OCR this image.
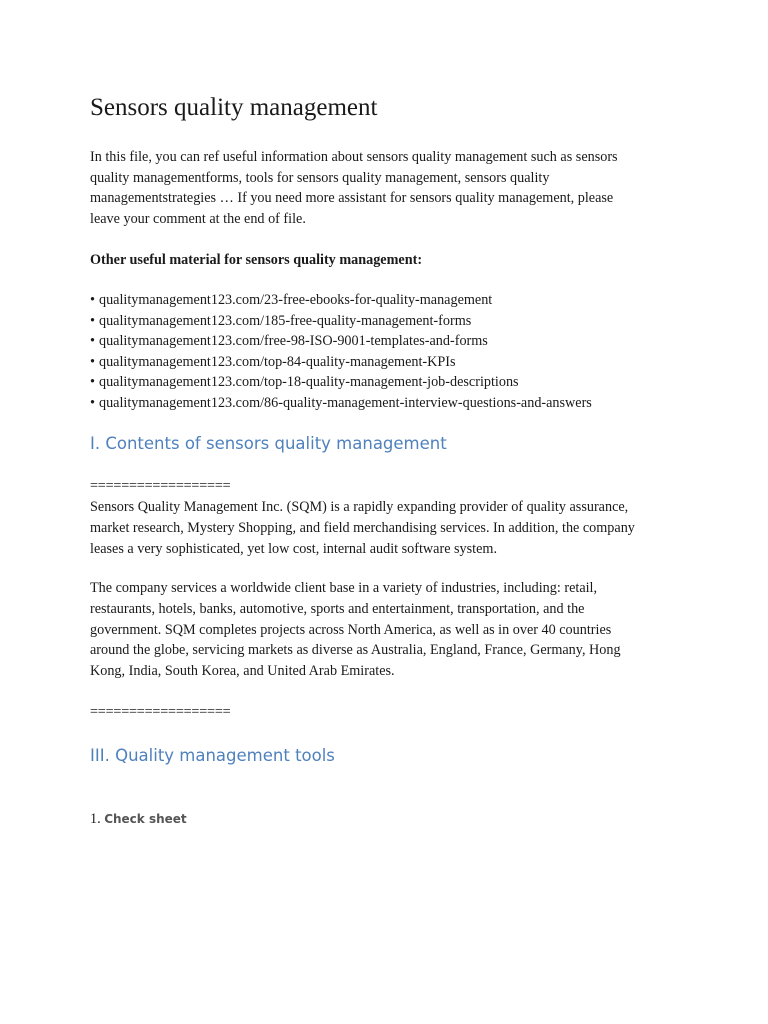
Sensors quality management

In this file, you can ref useful information about sensors quality management such as sensors
quality managementforms, tools for sensors quality management, sensors quality
managementstrategies … If you need more assistant for sensors quality management, please
leave your comment at the end of file.

Other useful material for sensors quality management:

• qualitymanagement123.com/23-free-ebooks-for-quality-management
• qualitymanagement123.com/185-free-quality-management-forms
• qualitymanagement123.com/free-98-ISO-9001-templates-and-forms
• qualitymanagement123.com/top-84-quality-management-KPIs
• qualitymanagement123.com/top-18-quality-management-job-descriptions
• qualitymanagement123.com/86-quality-management-interview-questions-and-answers
I. Contents of sensors quality management
==================

Sensors Quality Management Inc. (SQM) is a rapidly expanding provider of quality assurance,
market research, Mystery Shopping, and field merchandising services. In addition, the company
leases a very sophisticated, yet low cost, internal audit software system.

The company services a worldwide client base in a variety of industries, including: retail,
restaurants, hotels, banks, automotive, sports and entertainment, transportation, and the
government. SQM completes projects across North America, as well as in over 40 countries
around the globe, servicing markets as diverse as Australia, England, France, Germany, Hong
Kong, India, South Korea, and United Arab Emirates.

==================
III. Quality management tools
1. Check sheet
